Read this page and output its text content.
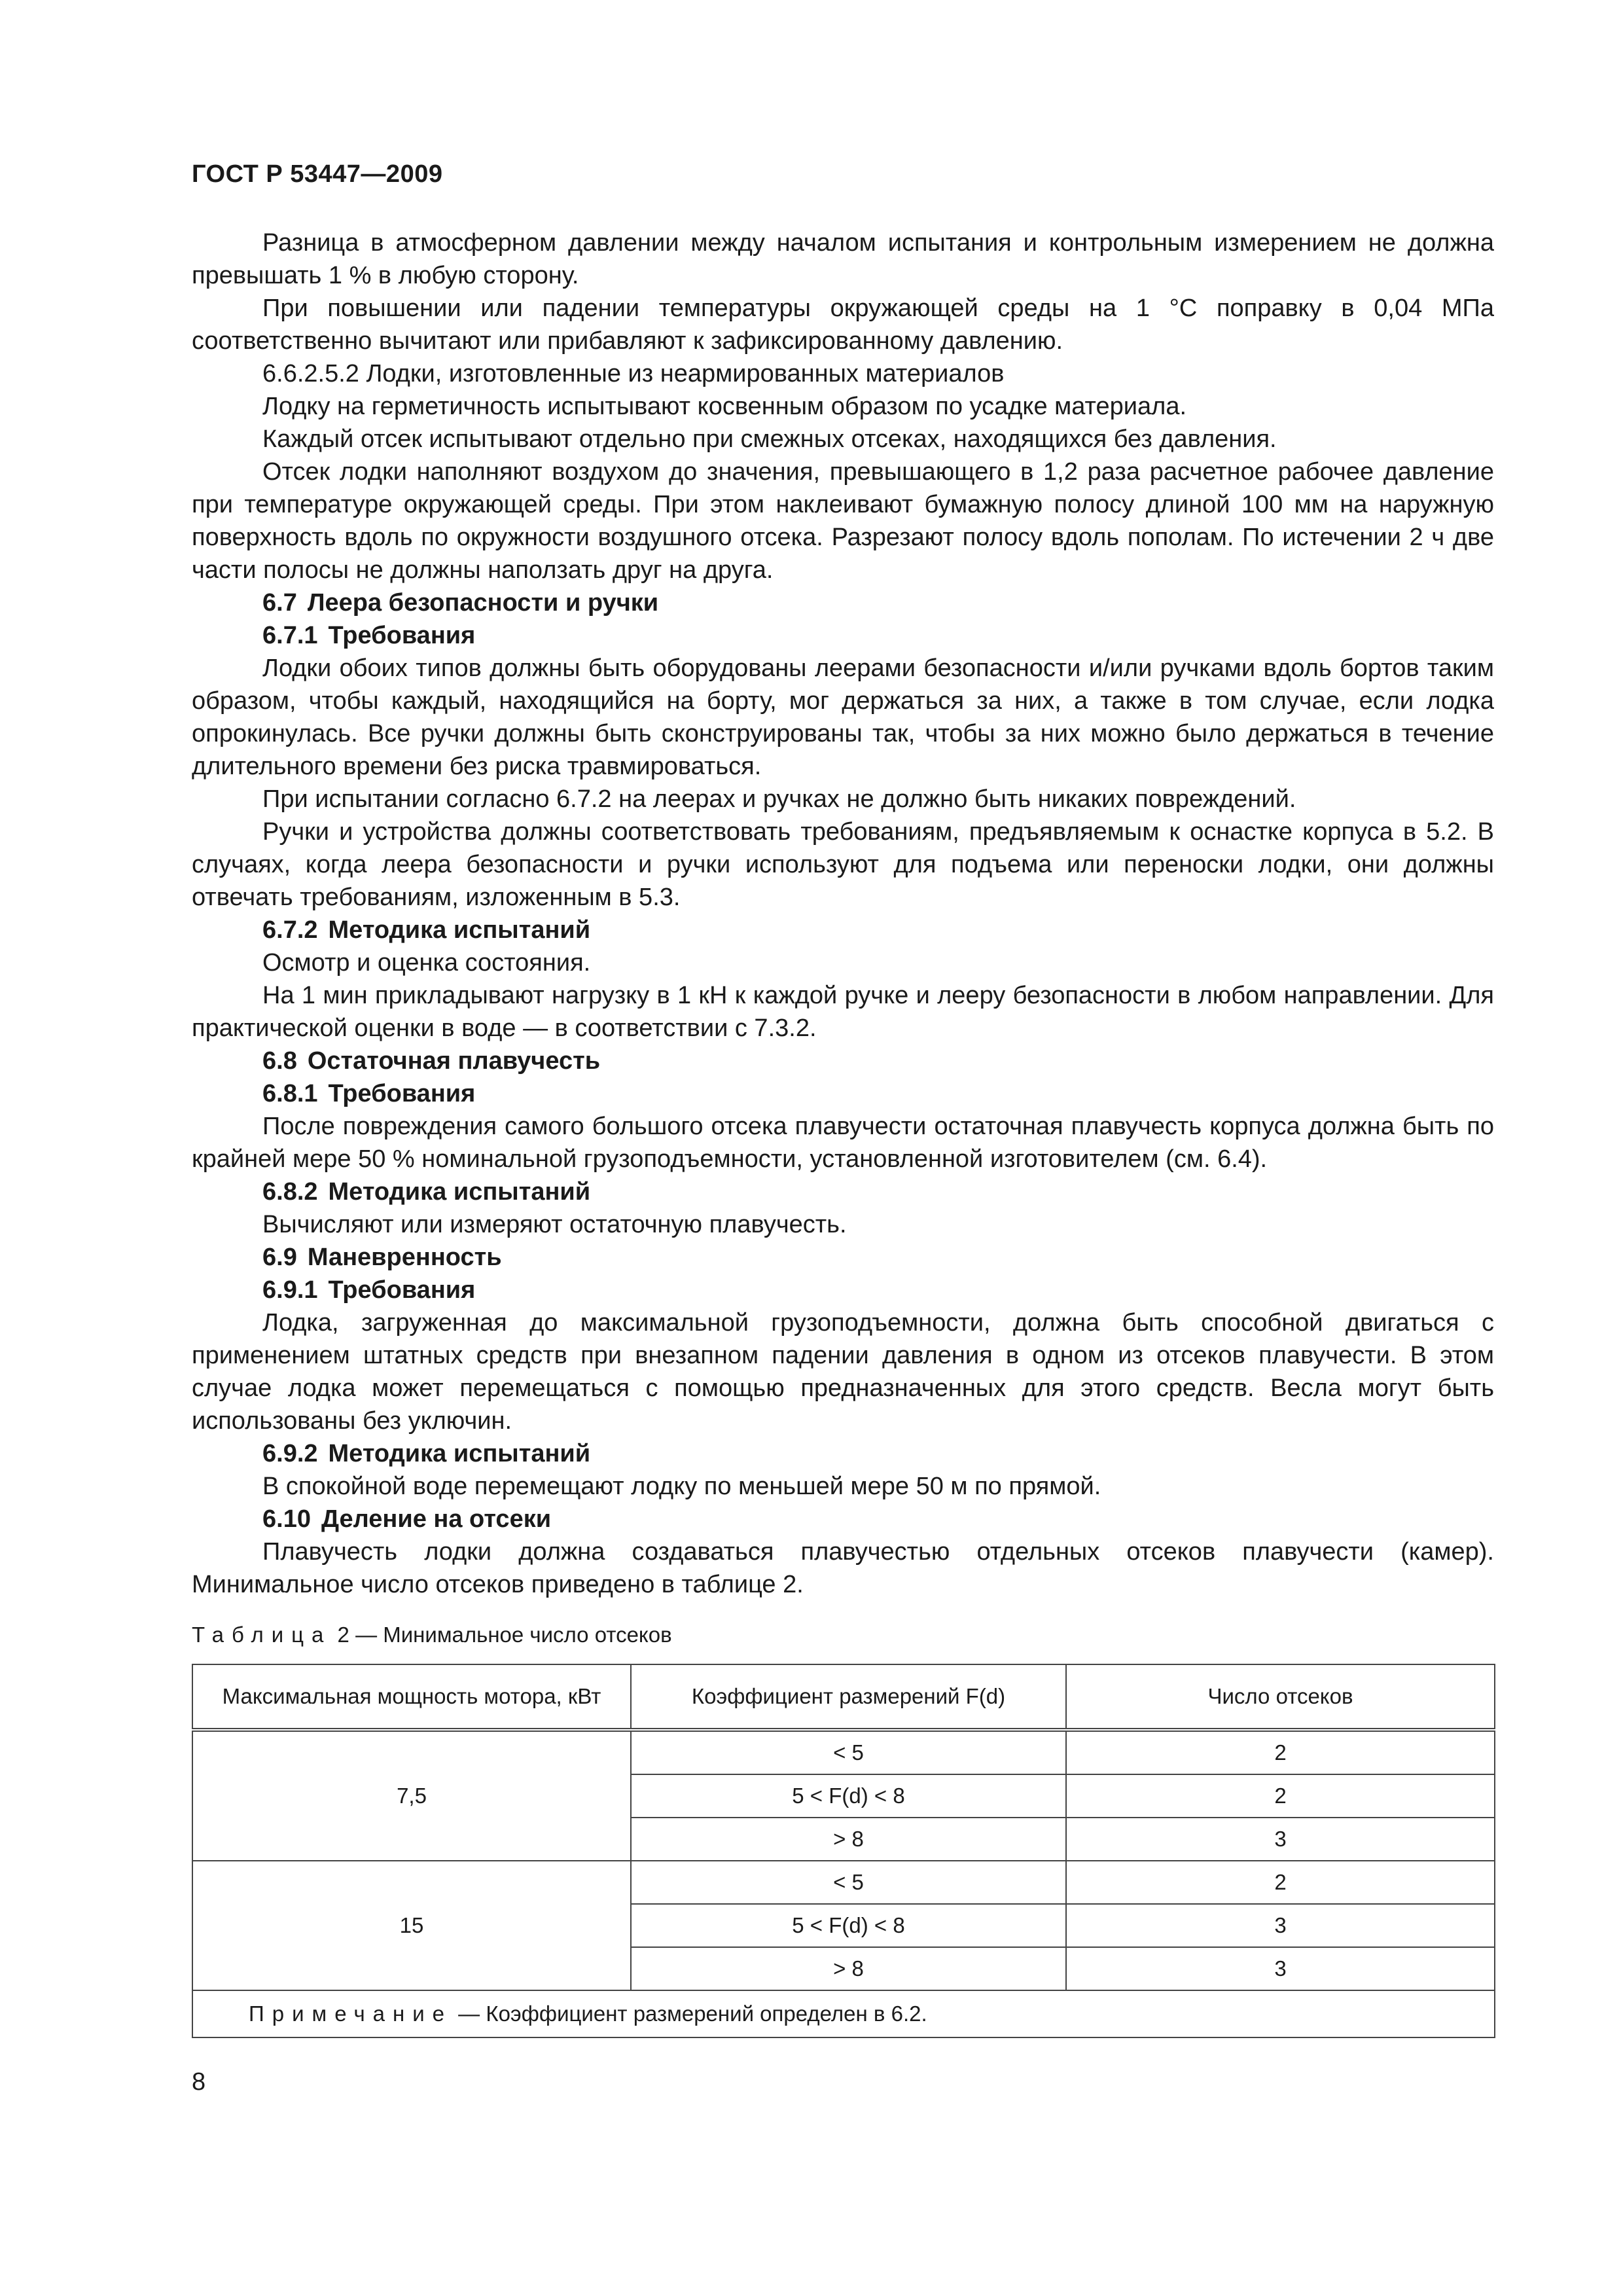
ГОСТ Р 53447—2009

Разница в атмосферном давлении между началом испытания и контрольным измерением не должна превышать 1 % в любую сторону.

При повышении или падении температуры окружающей среды на 1 °С поправку в 0,04 МПа соответственно вычитают или прибавляют к зафиксированному давлению.

6.6.2.5.2 Лодки, изготовленные из неармированных материалов

Лодку на герметичность испытывают косвенным образом по усадке материала.

Каждый отсек испытывают отдельно при смежных отсеках, находящихся без давления.

Отсек лодки наполняют воздухом до значения, превышающего в 1,2 раза расчетное рабочее давление при температуре окружающей среды. При этом наклеивают бумажную полосу длиной 100 мм на наружную поверхность вдоль по окружности воздушного отсека. Разрезают полосу вдоль пополам. По истечении 2 ч две части полосы не должны наползать друг на друга.

6.7 Леера безопасности и ручки

6.7.1 Требования

Лодки обоих типов должны быть оборудованы леерами безопасности и/или ручками вдоль бортов таким образом, чтобы каждый, находящийся на борту, мог держаться за них, а также в том случае, если лодка опрокинулась. Все ручки должны быть сконструированы так, чтобы за них можно было держаться в течение длительного времени без риска травмироваться.

При испытании согласно 6.7.2 на леерах и ручках не должно быть никаких повреждений.

Ручки и устройства должны соответствовать требованиям, предъявляемым к оснастке корпуса в 5.2. В случаях, когда леера безопасности и ручки используют для подъема или переноски лодки, они должны отвечать требованиям, изложенным в 5.3.

6.7.2 Методика испытаний

Осмотр и оценка состояния.

На 1 мин прикладывают нагрузку в 1 кН к каждой ручке и лееру безопасности в любом направлении. Для практической оценки в воде — в соответствии с 7.3.2.

6.8 Остаточная плавучесть

6.8.1 Требования

После повреждения самого большого отсека плавучести остаточная плавучесть корпуса должна быть по крайней мере 50 % номинальной грузоподъемности, установленной изготовителем (см. 6.4).

6.8.2 Методика испытаний

Вычисляют или измеряют остаточную плавучесть.

6.9 Маневренность

6.9.1 Требования

Лодка, загруженная до максимальной грузоподъемности, должна быть способной двигаться с применением штатных средств при внезапном падении давления в одном из отсеков плавучести. В этом случае лодка может перемещаться с помощью предназначенных для этого средств. Весла могут быть использованы без уключин.

6.9.2 Методика испытаний

В спокойной воде перемещают лодку по меньшей мере 50 м по прямой.

6.10 Деление на отсеки

Плавучесть лодки должна создаваться плавучестью отдельных отсеков плавучести (камер). Минимальное число отсеков приведено в таблице 2.

Таблица 2 — Минимальное число отсеков
Максимальная мощность мотора, кВт	Коэффициент размерений F(d)	Число отсеков
7,5	< 5	2
	5 < F(d) < 8	2
	> 8	3
15	< 5	2
	5 < F(d) < 8	3
	> 8	3
Примечание — Коэффициент размерений определен в 6.2.		
8
